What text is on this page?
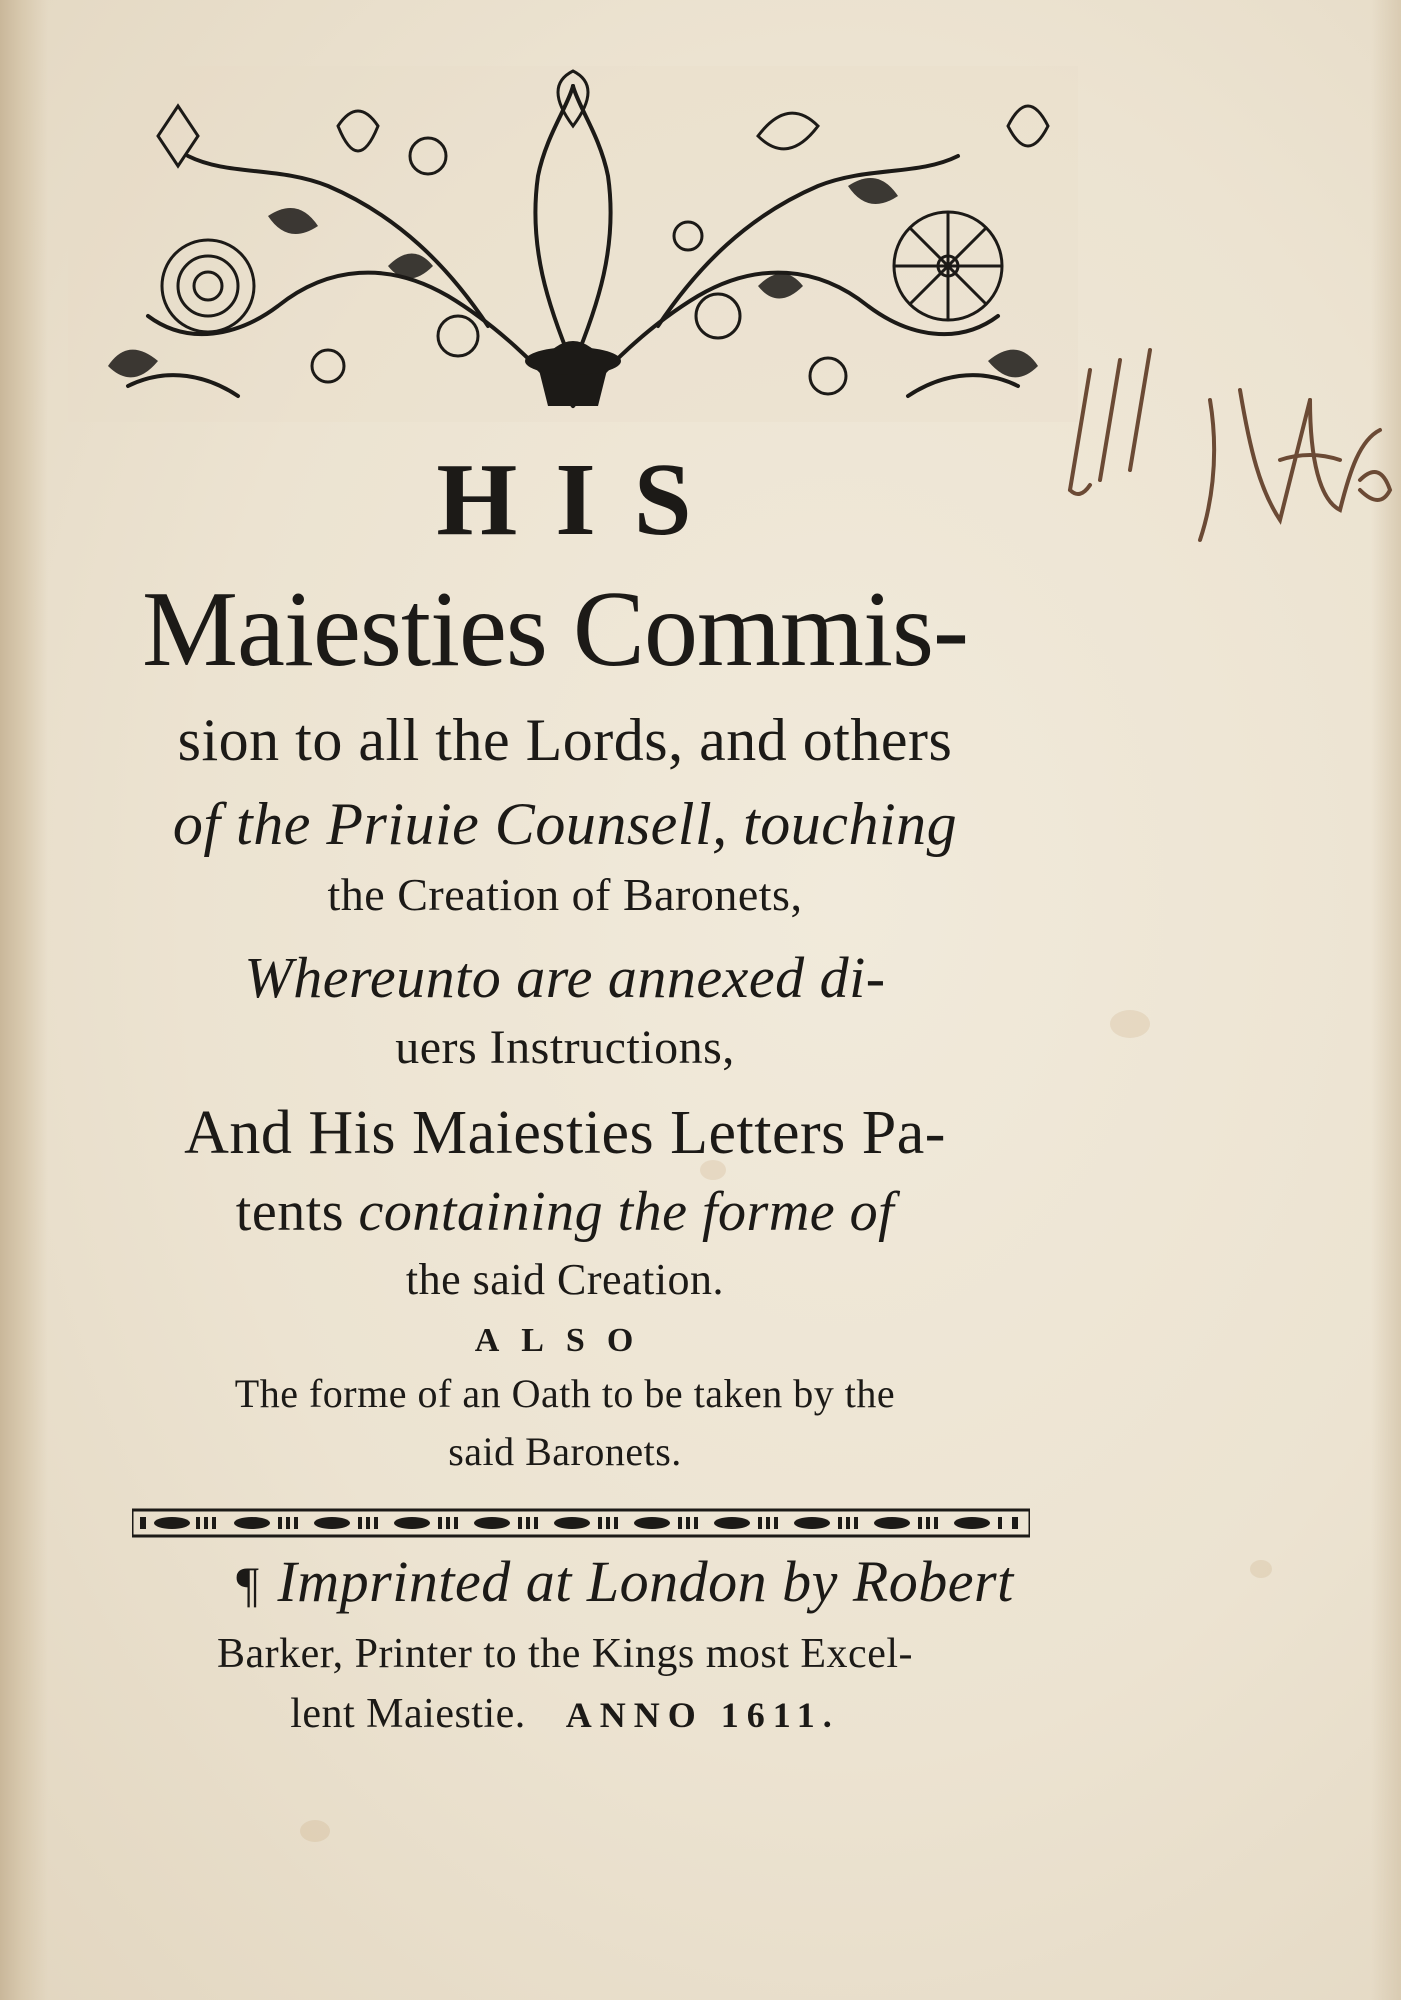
HIS
Maiesties Commis-
sion to all the Lords, and others
of the Priuie Counsell, touching
the Creation of Baronets,
Whereunto are annexed di-
uers Instructions,
And His Maiesties Letters Pa-
tents containing the forme of
the said Creation.
ALSO
The forme of an Oath to be taken by the
said Baronets.
¶ Imprinted at London by Robert
Barker, Printer to the Kings most Excel-
lent Maiestie. ANNO 1611.
